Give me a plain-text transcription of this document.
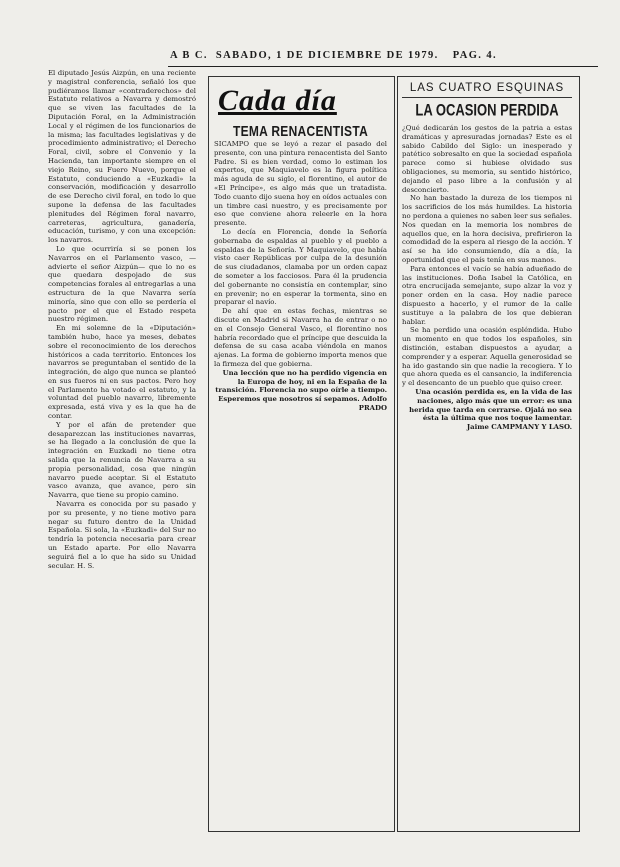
A B C. SABADO, 1 DE DICIEMBRE DE 1979. PAG. 4.

El diputado Jesús Aizpún, en una reciente y magistral conferencia, señaló los que pudiéramos llamar «contraderechos» del Estatuto relativos a Navarra y demostró que se viven las facultades de la Diputación Foral, en la Administración Local y el régimen de los funcionarios de la misma; las facultades legislativas y de procedimiento administrativo; el Derecho Foral, civil, sobre el Convenio y la Hacienda, tan importante siempre en el viejo Reino, su Fuero Nuevo, porque el Estatuto, conduciendo a «Euzkadi» la conservación, modificación y desarrollo de ese Derecho civil foral, en todo lo que supone la defensa de las facultades plenitudes del Régimen foral navarro, carreteras, agricultura, ganadería, educación, turismo, y con una excepción: los navarros.

Lo que ocurriría si se ponen los Navarros en el Parlamento vasco, —advierte el señor Aizpún— que lo no es que quedara despojado de sus competencias forales al entregarlas a una estructura de la que Navarra sería minoría, sino que con ello se perdería el pacto por el que el Estado respeta nuestro régimen.

En mi solemne de la «Diputación» también hubo, hace ya meses, debates sobre el reconocimiento de los derechos históricos a cada territorio. Entonces los navarros se preguntaban el sentido de la integración, de algo que nunca se planteó en sus fueros ni en sus pactos. Pero hoy el Parlamento ha votado el estatuto, y la voluntad del pueblo navarro, libremente expresada, está viva y es la que ha de contar.

Y por el afán de pretender que desaparezcan las instituciones navarras, se ha llegado a la conclusión de que la integración en Euzkadi no tiene otra salida que la renuncia de Navarra a su propia personalidad, cosa que ningún navarro puede aceptar. Si el Estatuto vasco avanza, que avance, pero sin Navarra, que tiene su propio camino.

Navarra es conocida por su pasado y por su presente, y no tiene motivo para negar su futuro dentro de la Unidad Española. Si sola, la «Euzkadi» del Sur no tendría la potencia necesaria para crear un Estado aparte. Por ello Navarra seguirá fiel a lo que ha sido su Unidad secular. H. S.

Cada día
TEMA RENACENTISTA

SICAMPO que se leyó a rezar el pasado del presente, con una pintura renacentista del Santo Padre. Si es bien verdad, como lo estiman los expertos, que Maquiavelo es la figura política más aguda de su siglo, el florentino, el autor de «El Príncipe», es algo más que un tratadista. Todo cuanto dijo suena hoy en oídos actuales con un timbre casi nuestro, y es precisamente por eso que conviene ahora releerle en la hora presente.

Lo decía en Florencia, donde la Señoría gobernaba de espaldas al pueblo y el pueblo a espaldas de la Señoría. Y Maquiavelo, que había visto caer Repúblicas por culpa de la desunión de sus ciudadanos, clamaba por un orden capaz de someter a los facciosos. Para él la prudencia del gobernante no consistía en contemplar, sino en prevenir; no en esperar la tormenta, sino en preparar el navío.

De ahí que en estas fechas, mientras se discute en Madrid si Navarra ha de entrar o no en el Consejo General Vasco, el florentino nos habría recordado que el príncipe que descuida la defensa de su casa acaba viéndola en manos ajenas. La forma de gobierno importa menos que la firmeza del que gobierna.

Una lección que no ha perdido vigencia en la Europa de hoy, ni en la España de la transición. Florencia no supo oírle a tiempo. Esperemos que nosotros sí sepamos. Adolfo PRADO

LAS CUATRO ESQUINAS
LA OCASION PERDIDA

¿Qué dedicarán los gestos de la patria a estas dramáticas y apresuradas jornadas? Este es el sabido Cabildo del Siglo: un inesperado y patético sobresalto en que la sociedad española parece como si hubiese olvidado sus obligaciones, su memoria, su sentido histórico, dejando el paso libre a la confusión y al desconcierto.

No han bastado la dureza de los tiempos ni los sacrificios de los más humildes. La historia no perdona a quienes no saben leer sus señales. Nos quedan en la memoria los nombres de aquellos que, en la hora decisiva, prefirieron la comodidad de la espera al riesgo de la acción. Y así se ha ido consumiendo, día a día, la oportunidad que el país tenía en sus manos.

Para entonces el vacío se había adueñado de las instituciones. Doña Isabel la Católica, en otra encrucijada semejante, supo alzar la voz y poner orden en la casa. Hoy nadie parece dispuesto a hacerlo, y el rumor de la calle sustituye a la palabra de los que debieran hablar.

Se ha perdido una ocasión espléndida. Hubo un momento en que todos los españoles, sin distinción, estaban dispuestos a ayudar, a comprender y a esperar. Aquella generosidad se ha ido gastando sin que nadie la recogiera. Y lo que ahora queda es el cansancio, la indiferencia y el desencanto de un pueblo que quiso creer.

Una ocasión perdida es, en la vida de las naciones, algo más que un error: es una herida que tarda en cerrarse. Ojalá no sea ésta la última que nos toque lamentar. Jaime CAMPMANY Y LASO.
